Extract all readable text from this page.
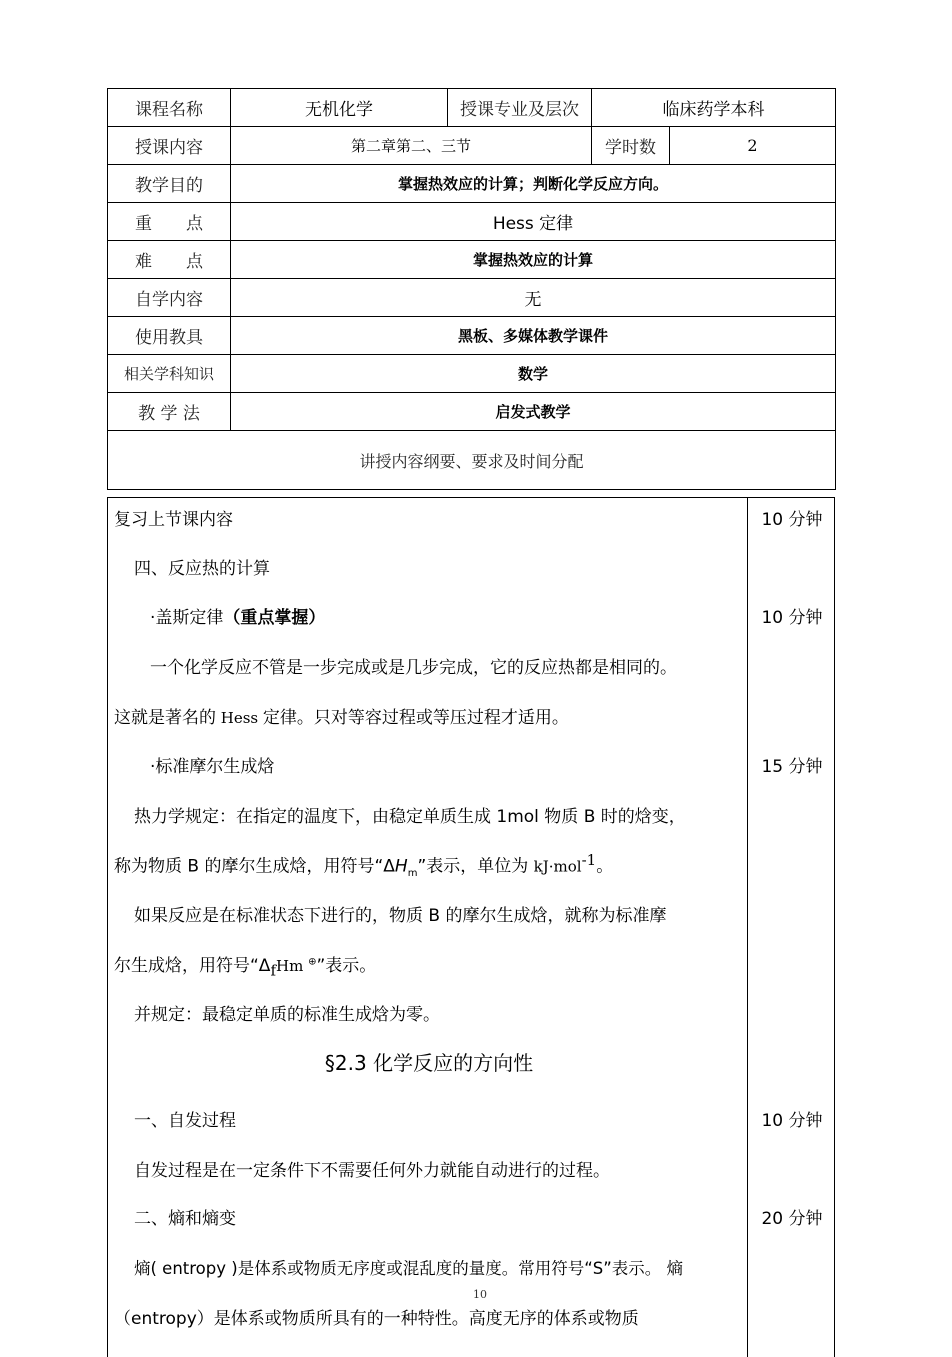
课程名称	无机化学	授课专业及层次	临床药学本科	
授课内容	第二章第二、三节		学时数	2
教学目的	掌握热效应的计算；判断化学反应方向。			
重　　点	Hess 定律			
难　　点	掌握热效应的计算			
自学内容	无			
使用教具	黑板、多媒体教学课件			
相关学科知识	数学			
教 学 法	启发式教学			
讲授内容纲要、要求及时间分配				
复习上节课内容	10 分钟
四、反应热的计算
·盖斯定律（重点掌握）	10 分钟
一个化学反应不管是一步完成或是几步完成，它的反应热都是相同的。
这就是著名的 Hess 定律。只对等容过程或等压过程才适用。
·标准摩尔生成焓	15 分钟
热力学规定：在指定的温度下，由稳定单质生成 1mol 物质 B 时的焓变，
称为物质 B 的摩尔生成焓，用符号“$\Delta H_m$”表示，单位为 kJ·mol$^{-1}$。
如果反应是在标准状态下进行的，物质 B 的摩尔生成焓，就称为标准摩
尔生成焓，用符号“$\Delta_fHm$ ⊕”表示。
并规定：最稳定单质的标准生成焓为零。
§2.3 化学反应的方向性
一、自发过程	10 分钟
自发过程是在一定条件下不需要任何外力就能自动进行的过程。
二、熵和熵变	20 分钟
熵( entropy )是体系或物质无序度或混乱度的量度。常用符号“S”表示。 熵
10
（entropy）是体系或物质所具有的一种特性。高度无序的体系或物质
